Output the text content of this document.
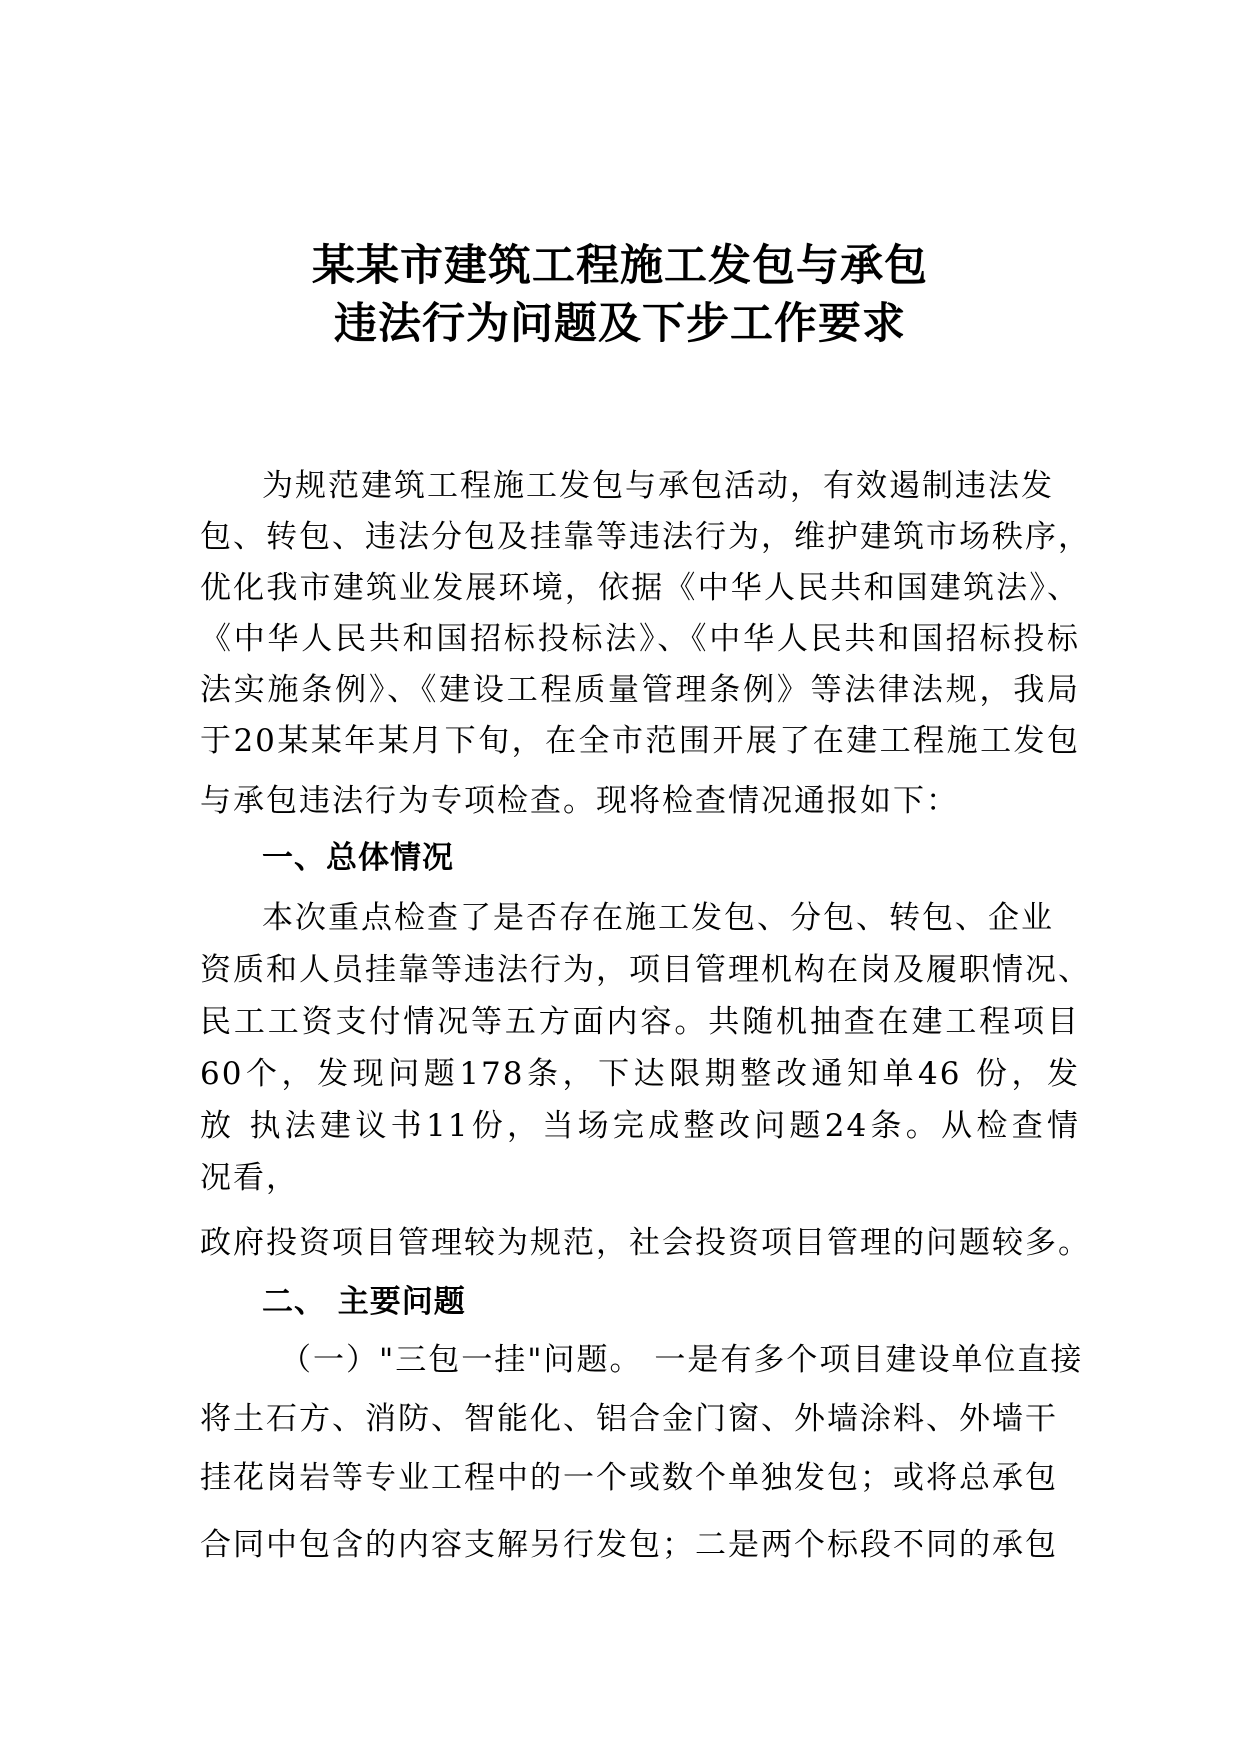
某某市建筑工程施工发包与承包
违法行为问题及下步工作要求
为规范建筑工程施工发包与承包活动，有效遏制违法发
包、转包、违法分包及挂靠等违法行为，维护建筑市场秩序，
优化我市建筑业发展环境，依据《中华人民共和国建筑法》、
《中华人民共和国招标投标法》、《中华人民共和国招标投标
法实施条例》、《建设工程质量管理条例》等法律法规，我局
于20某某年某月下旬，在全市范围开展了在建工程施工发包
与承包违法行为专项检查。现将检查情况通报如下：
一、总体情况
本次重点检查了是否存在施工发包、分包、转包、企业
资质和人员挂靠等违法行为，项目管理机构在岗及履职情况、
民工工资支付情况等五方面内容。共随机抽查在建工程项目
60个，发现问题178条，下达限期整改通知单46 份，发
放 执法建议书11份，当场完成整改问题24条。从检查情
况看，
政府投资项目管理较为规范，社会投资项目管理的问题较多。
二、 主要问题
（一）"三包一挂"问题。 一是有多个项目建设单位直接
将土石方、消防、智能化、铝合金门窗、外墙涂料、外墙干
挂花岗岩等专业工程中的一个或数个单独发包；或将总承包
合同中包含的内容支解另行发包；二是两个标段不同的承包
